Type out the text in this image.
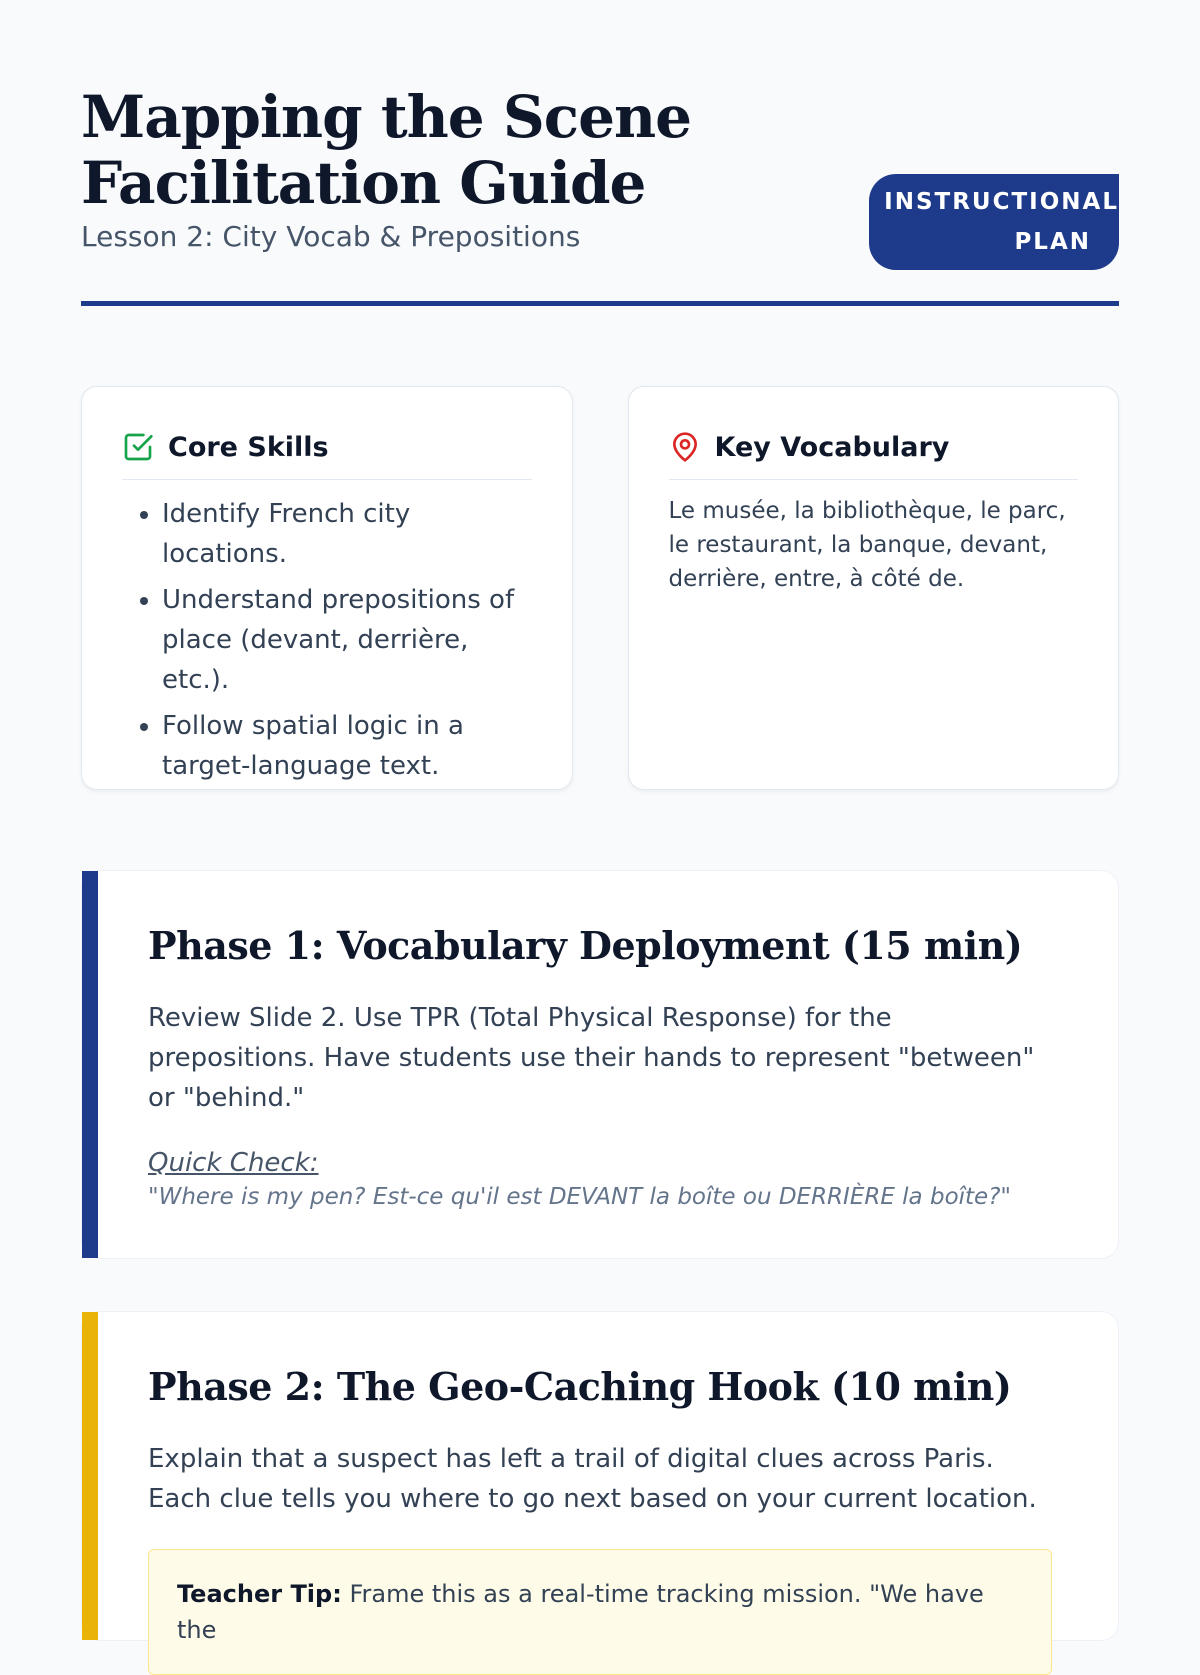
Mapping the Scene
Facilitation Guide
Lesson 2: City Vocab & Prepositions
INSTRUCTIONAL
PLAN
Core Skills
• Identify French city locations.
• Understand prepositions of place (devant, derrière, etc.).
• Follow spatial logic in a target-language text.
Key Vocabulary

Le musée, la bibliothèque, le parc, le restaurant, la banque, devant, derrière, entre, à côté de.

Phase 1: Vocabulary Deployment (15 min)

Review Slide 2. Use TPR (Total Physical Response) for the prepositions. Have students use their hands to represent "between" or "behind."

Quick Check:
"Where is my pen? Est-ce qu'il est DEVANT la boîte ou DERRIÈRE la boîte?"
Phase 2: The Geo-Caching Hook (10 min)

Explain that a suspect has left a trail of digital clues across Paris. Each clue tells you where to go next based on your current location.

Teacher Tip: Frame this as a real-time tracking mission. "We have the
